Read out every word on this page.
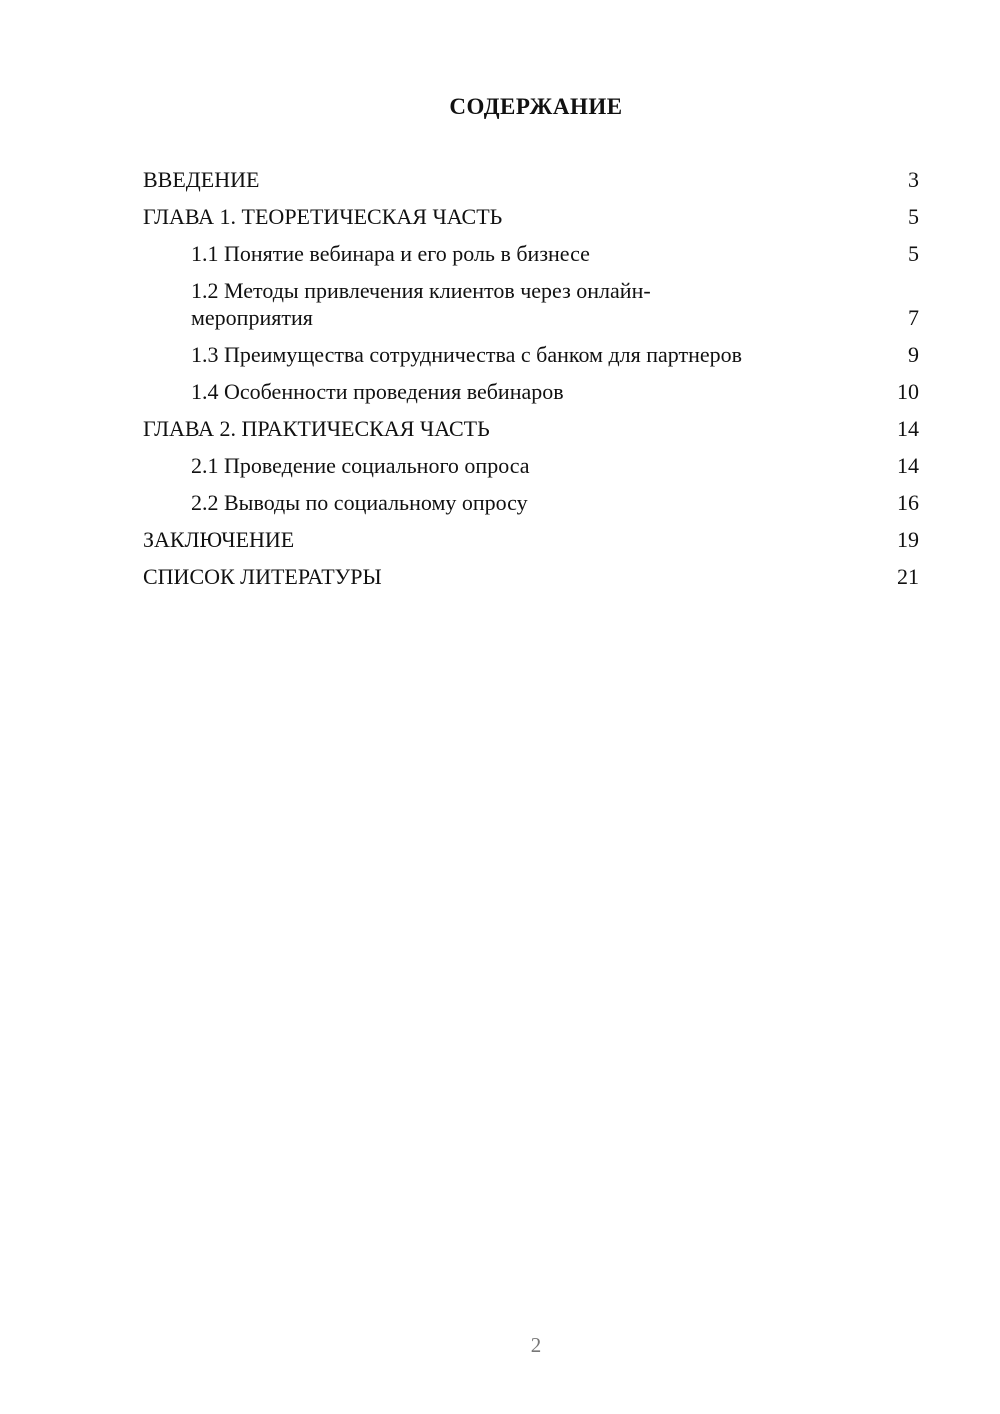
СОДЕРЖАНИЕ
ВВЕДЕНИЕ	3
ГЛАВА 1. ТЕОРЕТИЧЕСКАЯ ЧАСТЬ	5
1.1 Понятие вебинара и его роль в бизнесе	5
1.2 Методы привлечения клиентов через онлайн-мероприятия	7
1.3 Преимущества сотрудничества с банком для партнеров	9
1.4 Особенности проведения вебинаров	10
ГЛАВА 2. ПРАКТИЧЕСКАЯ ЧАСТЬ	14
2.1 Проведение социального опроса	14
2.2 Выводы по социальному опросу	16
ЗАКЛЮЧЕНИЕ	19
СПИСОК ЛИТЕРАТУРЫ	21
2
